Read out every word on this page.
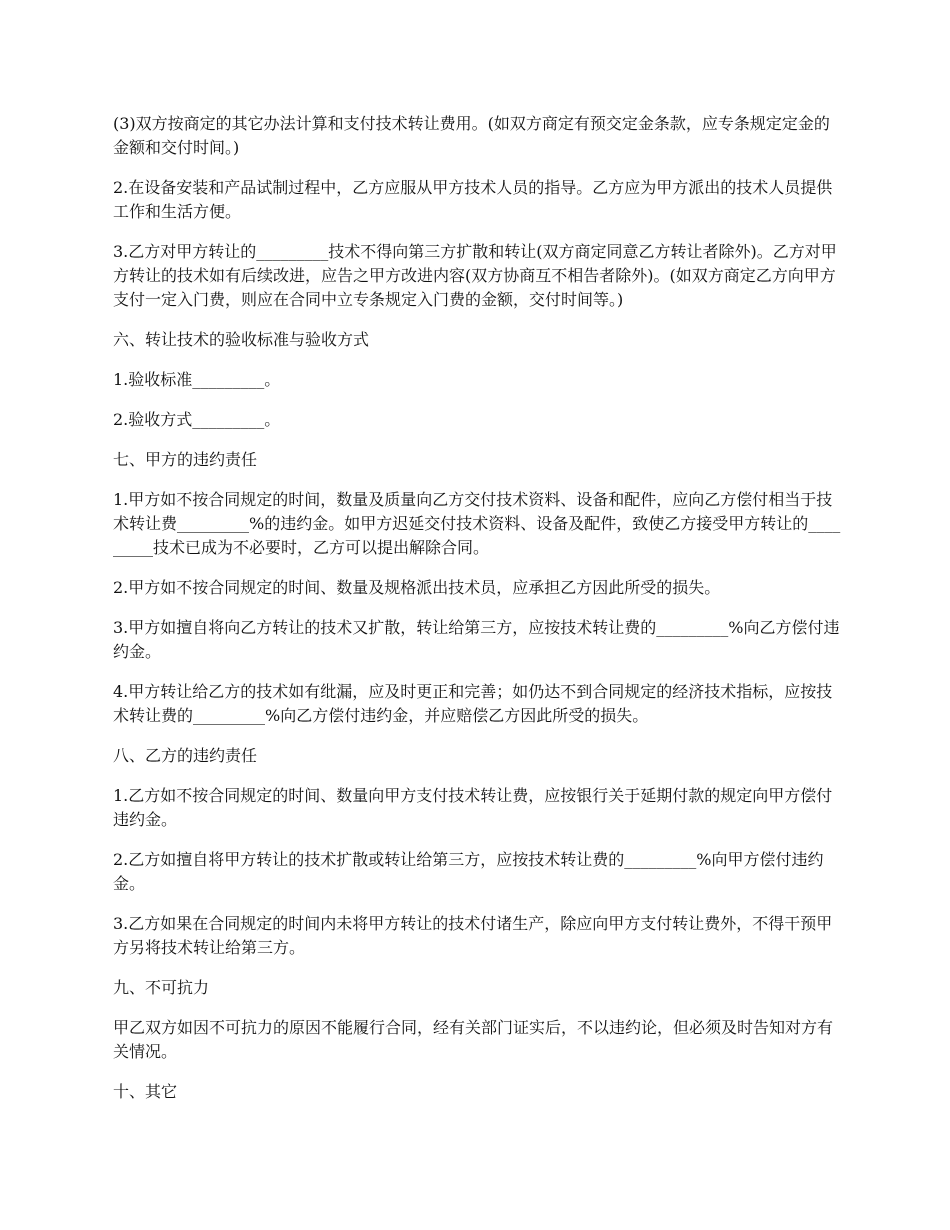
(3)双方按商定的其它办法计算和支付技术转让费用。(如双方商定有预交定金条款，应专条规定定金的金额和交付时间。)

2.在设备安装和产品试制过程中，乙方应服从甲方技术人员的指导。乙方应为甲方派出的技术人员提供工作和生活方便。

3.乙方对甲方转让的_________技术不得向第三方扩散和转让(双方商定同意乙方转让者除外)。乙方对甲方转让的技术如有后续改进，应告之甲方改进内容(双方协商互不相告者除外)。(如双方商定乙方向甲方支付一定入门费，则应在合同中立专条规定入门费的金额，交付时间等。)

六、转让技术的验收标准与验收方式

1.验收标准_________。

2.验收方式_________。

七、甲方的违约责任

1.甲方如不按合同规定的时间，数量及质量向乙方交付技术资料、设备和配件，应向乙方偿付相当于技术转让费_________%的违约金。如甲方迟延交付技术资料、设备及配件，致使乙方接受甲方转让的_________技术已成为不必要时，乙方可以提出解除合同。

2.甲方如不按合同规定的时间、数量及规格派出技术员，应承担乙方因此所受的损失。

3.甲方如擅自将向乙方转让的技术又扩散，转让给第三方，应按技术转让费的_________%向乙方偿付违约金。

4.甲方转让给乙方的技术如有纰漏，应及时更正和完善；如仍达不到合同规定的经济技术指标，应按技术转让费的_________%向乙方偿付违约金，并应赔偿乙方因此所受的损失。

八、乙方的违约责任

1.乙方如不按合同规定的时间、数量向甲方支付技术转让费，应按银行关于延期付款的规定向甲方偿付违约金。

2.乙方如擅自将甲方转让的技术扩散或转让给第三方，应按技术转让费的_________%向甲方偿付违约金。

3.乙方如果在合同规定的时间内未将甲方转让的技术付诸生产，除应向甲方支付转让费外，不得干预甲方另将技术转让给第三方。

九、不可抗力

甲乙双方如因不可抗力的原因不能履行合同，经有关部门证实后，不以违约论，但必须及时告知对方有关情况。

十、其它
